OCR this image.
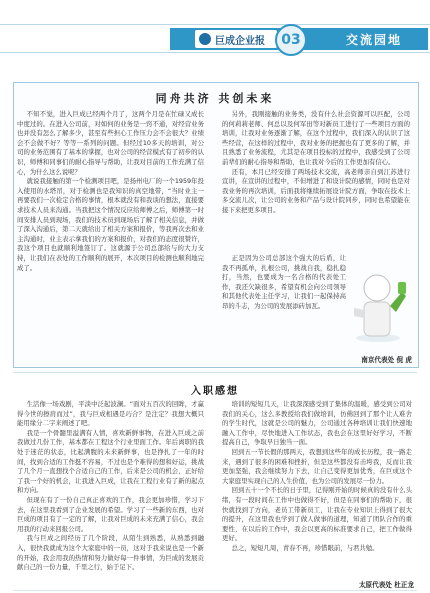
巨成企业报	03	交流园地
同舟共济 共创未来

不知不觉，进入巨成已经两个月了，这两个月是在忙碌又成长中度过的。在进入公司前，对如何的业务是一窍不通，对经营业务也并没有怎么了解多少，甚至有些担心工作压力会不会很大？业绩会不会做不好？等等一系列的问题。但经过10多天的培训，对公司的业务范围有了基本的掌握，也对公司的经营模式有了初步的认识，师傅和同事们的耐心指导与帮助，让我对目前的工作充满了信心，为什么这么说呢？

就说我接触的第一个检测项目吧，是扬州电厂的一个1959年投入使用的水塔吊，对于检测也是我知识的真空地带，“当时业主一再要我们一次检定合格的事情，根本就没有和我谈的想法，直接要求技术人员来沟通。当我把这个情况反应给师傅之后，师傅第一时间安排人员到现场，我们的技术员到现场后了解了相关信息，并做了深入沟通后，第二天就给出了相关方案和报价，等我再次去和业主沟通时，业主表示拿我们的方案和报价，对我们的态度很赞许，我这个项目也就顺利地签订了。这就源于公司总部给与的大力支持，让我们在表处的工作顺利的展开，本次项目的检测也顺利地完成了。

另外，我刚接触的业务类，没有什么社会资源可以匹配，公司的何莉莉老师、何总以及何军田等对新员工进行了一些项目方面的培训，让我对业务逐渐了解，在这个过程中，我们深入的认识了这些经营，在这样的过程中，我对业务的把握也有了更多的了解，并且熟悉了业务流程，尤其是在项目投标的过程中，我感受到了公司前辈们的耐心指导和帮助，也让我对今后的工作更加有信心。

还有，本月已经安排了两场技术交流，高老师亲自到江苏进行宣讲，在宣讲的过程中，不但增进了和设计院的感情，同时也是对我业务的再次培训，后面我将继续拓展设计院方面，争取在技术上多交流儿次，让公司的业务和产品与设计院同步，同时也希望能在接下来把更多项目。

正是因为公司总部这个强大的后盾，让我不再孤单，扎根公司，挑战自我，稳扎稳打，当然，也要成为一名合格的代表处工作，我还欠缺很多，希望有机会向公司领导和其他代表处主任学习，让我们一起保持高昂的斗志，为公司的发展添砖加瓦。

南京代表处 倪 虎
入职感想

生活像一场戏剧，平淡中泛起波澜。“面对五百次的回眸，才赢得今世的擦肩而过”，我与巨成相遇是巧合？是注定？我想大概只能用缘分二字来阐述了吧。

我是一个骨髓里溢满有人情，喜欢新鲜事物，在进入巨成之前我做过几份工作，基本都在工程这个行业里面工作。年后离职的我处于迷茫的状态，比起满腹的未来新鲜事，也是挣扎了一年的时间，找到合适的工作挺不容易，不过也是个难得的想和好运，挑战了几个月一直想找个合适自己的工作，后来是公司的机会，正好给了我一个好的机会，让我进入巨成，让我在工程行业有了新的起点和方向。

但现在有了一份自己真正喜欢的工作，我会更加珍惜，学习下去，在这里我看到了企业发展的希望。学习了一些新的东西，也对巨成的项目有了一定的了解，让我对巨成的未来充满了信心，我会用我的行动来回报公司。

我与巨成之间经历了几个阶段，从陌生到熟悉，从熟悉到融入，很快我就成为这个大家庭中的一员，这对于我来说也是一个新的开始，我会用我的热情和努力做好每一件事情，为巨成的发展贡献自己的一份力量，千里之行，始于足下。

培训的短短几天，让我深深感受到了集体的温暖，感受到公司对我们的关心，这么多教授给我们做培训，仿佛回到了那个让人难舍的学生时代，这就是公司的魅力，公司通过各种培训让我们快速地融入工作中，尽快地进入工作状态，我也会在这里好好学习，不断提高自己，争取早日独当一面。

回到五一节长假的那两天，我想到这些年的成长历程，我一路走来，遇到了很多的困难和挫折，但是这些都没有击垮我，反而让我更加坚强，我会继续努力下去，让自己变得更加优秀，在巨成这个大家庭里实现自己的人生价值，也为公司的发展尽一份力。

回到五十一个不长的日子里，记得刚开始的时候真的没有什么头绪，有一段时间在工作中也做得不好，但是在同事们的帮助下，很快就找到了方向，老员工带新员工，让我在专业知识上得到了很大的提升，在这里我也学到了做人做事的道理，知道了团队合作的重要性，在以后的工作中，我会以更高的标准要求自己，把工作做得更好。

总之，短短几周，青春不再，珍惜眼前，与君共勉。

太原代表处 杜正龙
